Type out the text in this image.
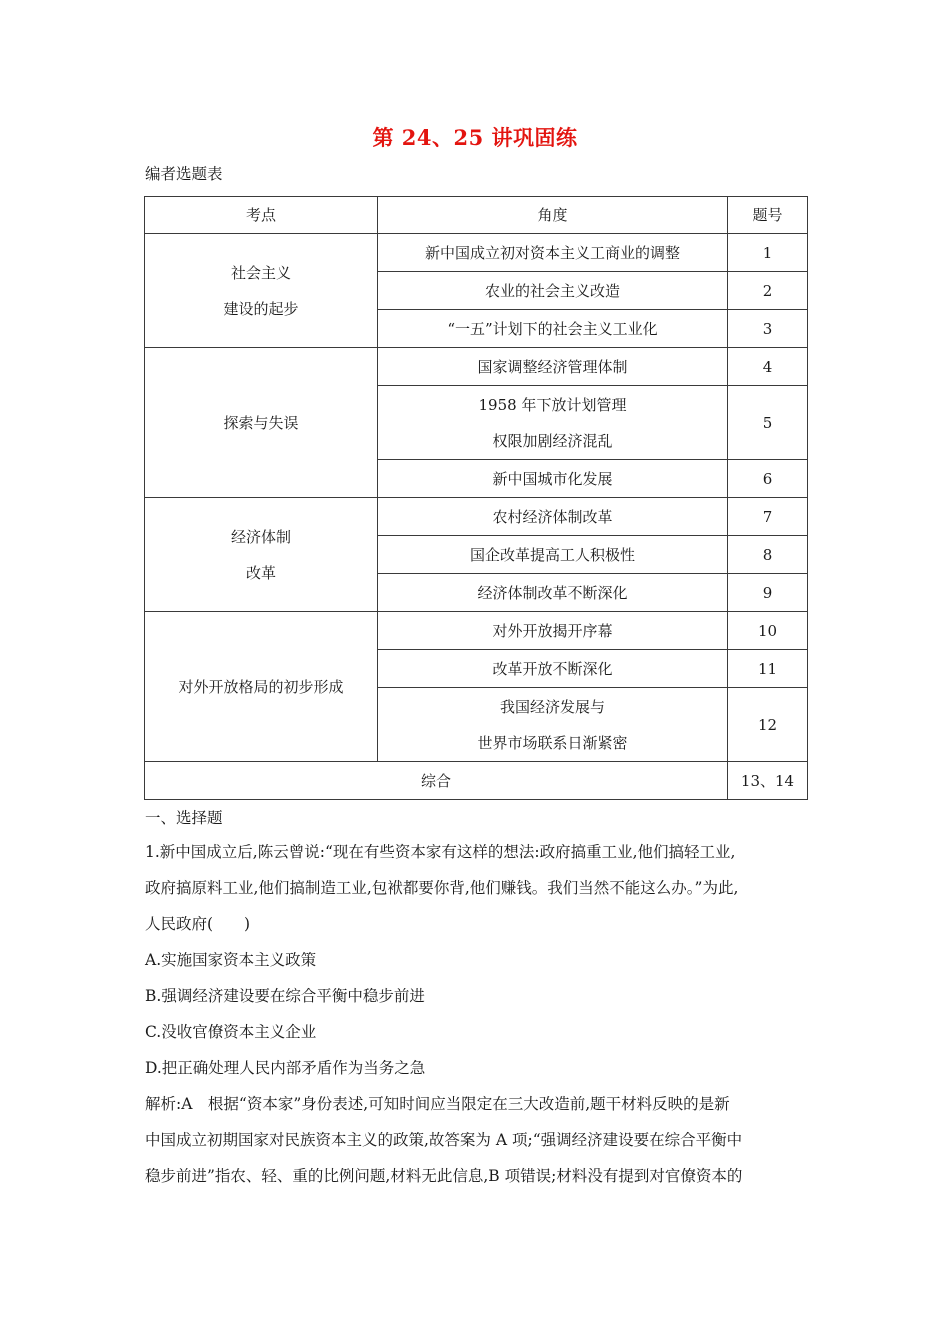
第 24、25 讲巩固练
编者选题表
考点	角度	题号

社会主义
建设的起步	新中国成立初对资本主义工商业的调整	1
	农业的社会主义改造	2
	“一五”计划下的社会主义工业化	3

探索与失误	国家调整经济管理体制	4

	1958 年下放计划管理
权限加剧经济混乱	5
	新中国城市化发展	6

经济体制
改革	农村经济体制改革	7
	国企改革提高工人积极性	8
	经济体制改革不断深化	9

对外开放格局的初步形成	对外开放揭开序幕	10
	改革开放不断深化	11

	我国经济发展与
世界市场联系日渐紧密	12
综合		13、14
一、选择题

1.新中国成立后,陈云曾说:“现在有些资本家有这样的想法:政府搞重工业,他们搞轻工业,

政府搞原料工业,他们搞制造工业,包袱都要你背,他们赚钱。我们当然不能这么办。”为此,

人民政府(　　)

A.实施国家资本主义政策

B.强调经济建设要在综合平衡中稳步前进

C.没收官僚资本主义企业

D.把正确处理人民内部矛盾作为当务之急

解析:A　根据“资本家”身份表述,可知时间应当限定在三大改造前,题干材料反映的是新

中国成立初期国家对民族资本主义的政策,故答案为 A 项;“强调经济建设要在综合平衡中

稳步前进”指农、轻、重的比例问题,材料无此信息,B 项错误;材料没有提到对官僚资本的
